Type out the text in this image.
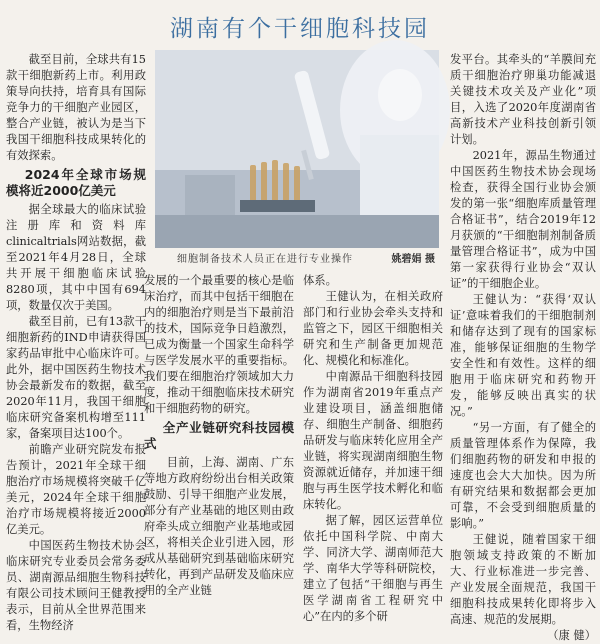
湖南有个干细胞科技园

截至目前，全球共有15款干细胞新药上市。利用政策导向扶持，培育具有国际竞争力的干细胞产业园区，整合产业链，被认为是当下我国干细胞科技成果转化的有效探索。

2024年全球市场规模将近2000亿美元

据全球最大的临床试验注册库和资料库clinicaltrials网站数据，截至2021年4月28日，全球共开展干细胞临床试验8280项，其中中国有694项，数量仅次于美国。

截至目前，已有13款干细胞新药的IND申请获得国家药品审批中心临床许可。此外，据中国医药生物技术协会最新发布的数据，截至2020年11月，我国干细胞临床研究备案机构增至111家，备案项目达100个。

前瞻产业研究院发布报告预计，2021年全球干细胞治疗市场规模将突破千亿美元，2024年全球干细胞治疗市场规模将接近2000亿美元。

中国医药生物技术协会临床研究专业委员会常务委员、湖南源品细胞生物科技有限公司技术顾问王健教授表示，目前从全世界范围来看，生物经济

细胞制备技术人员正在进行专业操作	姚碧娟 摄

发展的一个最重要的核心是临床治疗，而其中包括干细胞在内的细胞治疗则是当下最前沿的技术，国际竞争日趋激烈，已成为衡量一个国家生命科学与医学发展水平的重要指标。我们要在细胞治疗领域加大力度，推动干细胞临床技术研究和干细胞药物的研究。

全产业链研究科技园模式

目前，上海、湖南、广东等地方政府纷纷出台相关政策鼓励、引导干细胞产业发展，部分有产业基础的地区则由政府牵头成立细胞产业基地或园区，将相关企业引进入园，形成从基础研究到基础临床研究转化，再到产品研发及临床应用的全产业链

体系。

王健认为，在相关政府部门和行业协会牵头支持和监管之下，园区干细胞相关研究和生产制备更加规范化、规模化和标准化。

中南源品干细胞科技园作为湖南省2019年重点产业建设项目，涵盖细胞储存、细胞生产制备、细胞药品研发与临床转化应用全产业链，将实现湖南细胞生物资源就近储存，并加速干细胞与再生医学技术孵化和临床转化。

据了解，园区运营单位依托中国科学院、中南大学、同济大学、湖南师范大学、南华大学等科研院校，建立了包括“干细胞与再生医学湖南省工程研究中心”在内的多个研

发平台。其牵头的“羊膜间充质干细胞治疗卵巢功能减退关键技术攻关及产业化”项目，入选了2020年度湖南省高新技术产业科技创新引领计划。

2021年，源品生物通过中国医药生物技术协会现场检查，获得全国行业协会颁发的第一张“细胞库质量管理合格证书”，结合2019年12月获颁的“干细胞制剂制备质量管理合格证书”，成为中国第一家获得行业协会“双认证”的干细胞企业。

王健认为：“获得‘双认证’意味着我们的干细胞制剂和储存达到了现有的国家标准，能够保证细胞的生物学安全性和有效性。这样的细胞用于临床研究和药物开发，能够反映出真实的状况。”

“另一方面，有了健全的质量管理体系作为保障，我们细胞药物的研发和申报的速度也会大大加快。因为所有研究结果和数据都会更加可靠，不会受到细胞质量的影响。”

王健说，随着国家干细胞领域支持政策的不断加大、行业标准进一步完善、产业发展全面规范，我国干细胞科技成果转化即将步入高速、规范的发展期。

（康 健）
